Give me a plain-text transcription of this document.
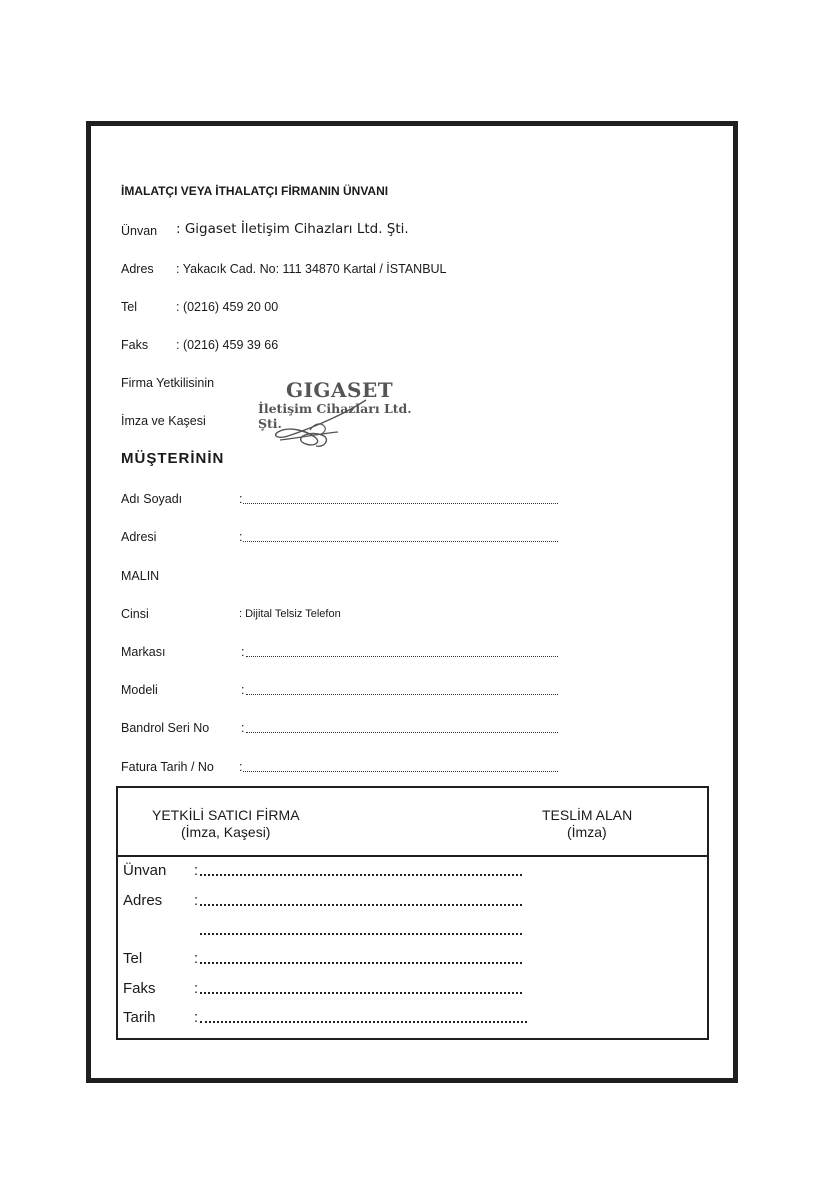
İMALATÇI VEYA İTHALATÇI FİRMANIN ÜNVANI
Ünvan : Gigaset İletişim Cihazları Ltd. Şti.
Adres : Yakacık Cad. No: 111 34870 Kartal / İSTANBUL
Tel	: (0216) 459 20 00
Faks : (0216) 459 39 66
Firma Yetkilisinin
İmza ve Kaşesi
GIGASET
İletişim Cihazları Ltd. Şti.
MÜŞTERİNİN
Adı Soyadı	:
Adresi	:
MALIN
Cinsi	: Dijital Telsiz Telefon
Markası	:
Modeli	:
Bandrol Seri No	:
Fatura Tarih / No :
YETKİLİ SATICI FİRMA
(İmza, Kaşesi)
TESLİM ALAN
(İmza)
Ünvan :
Adres :
Tel	:
Faks	:
Tarih	:
